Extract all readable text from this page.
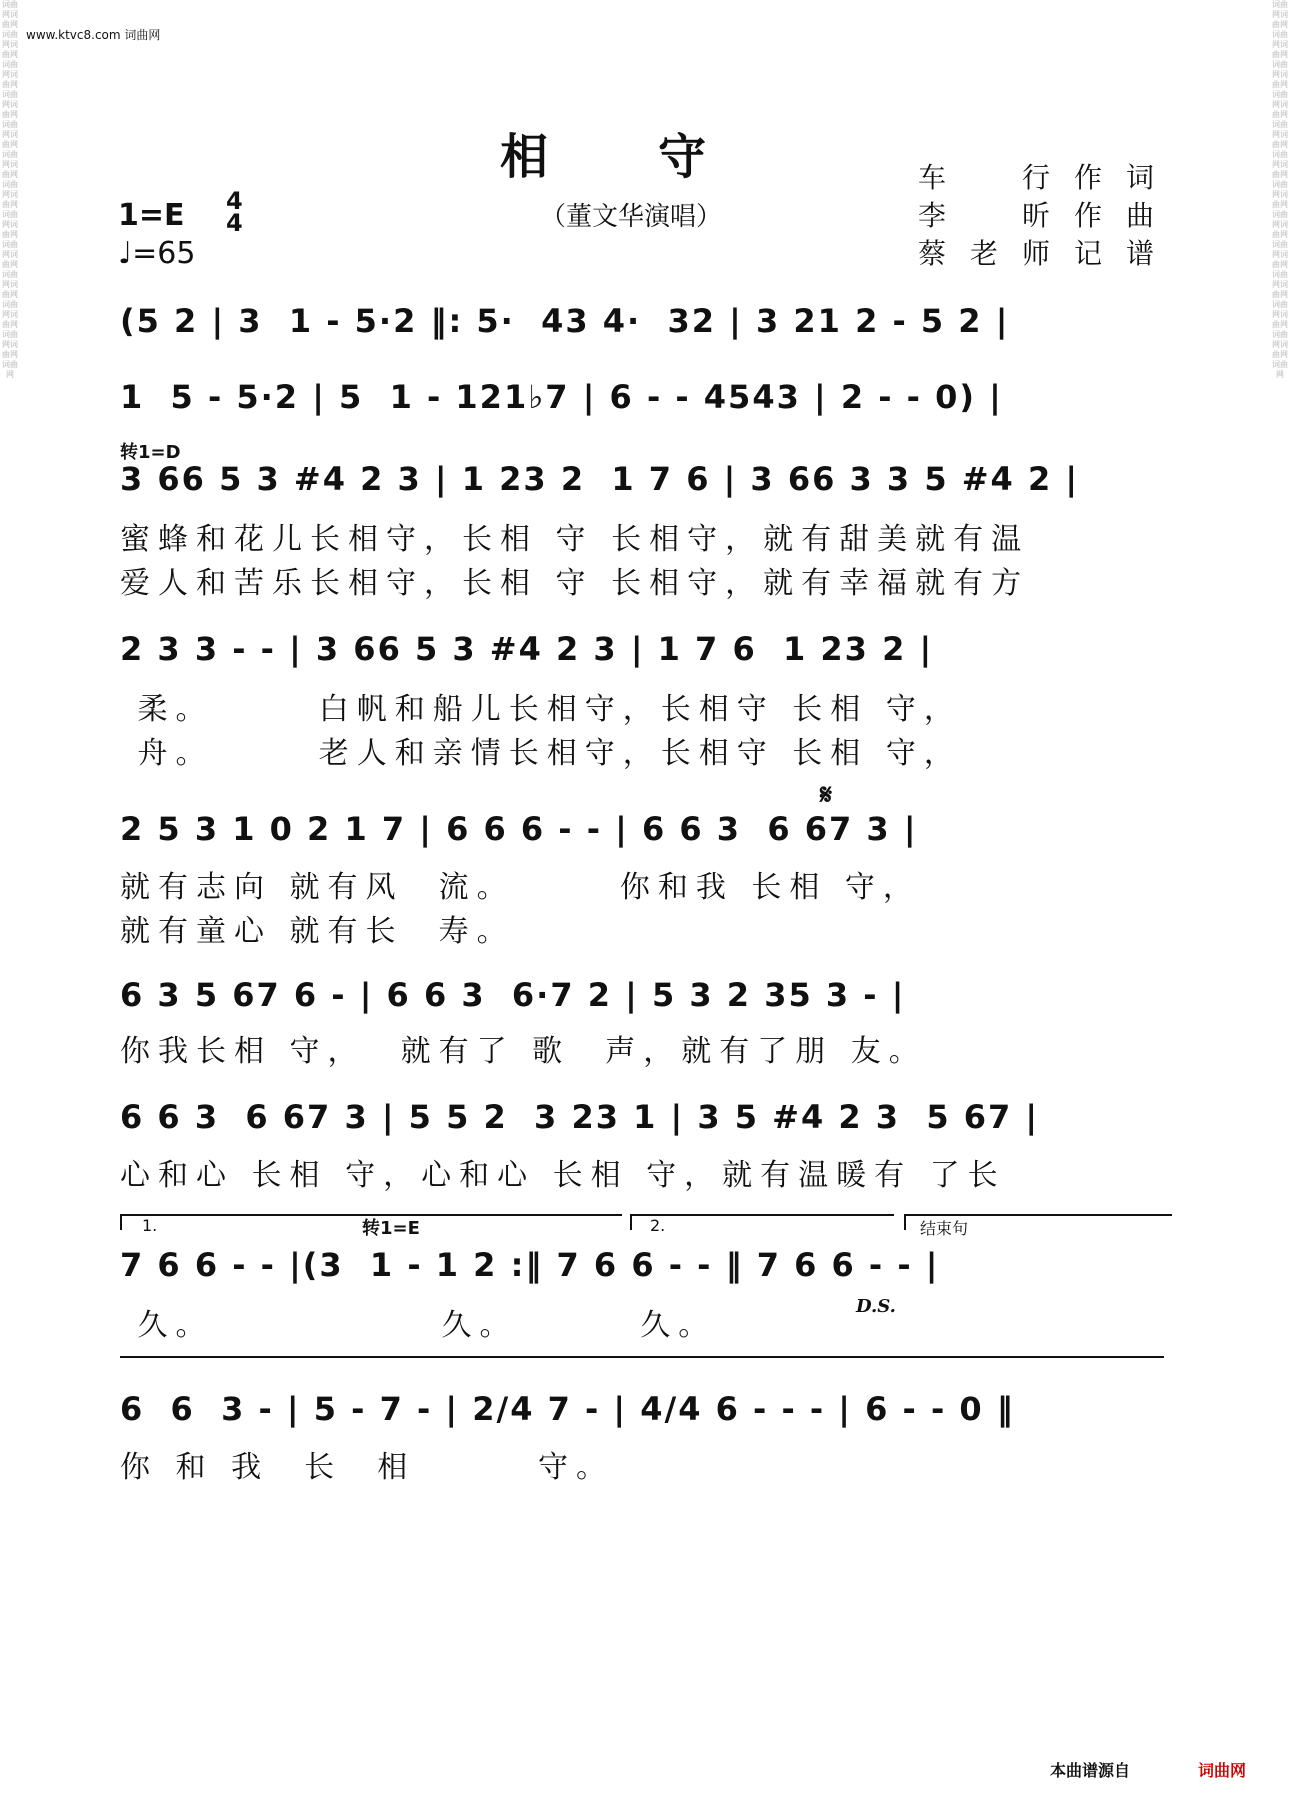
词曲网词曲网词曲网词曲网词曲网词曲网词曲网词曲网词曲网词曲网词曲网词曲网词曲网词曲网词曲网词曲网词曲网词曲网词曲网词曲网词曲网词曲网词曲网词曲网词曲网
词曲网词曲网词曲网词曲网词曲网词曲网词曲网词曲网词曲网词曲网词曲网词曲网词曲网词曲网词曲网词曲网词曲网词曲网词曲网词曲网词曲网词曲网词曲网词曲网词曲网
www.ktvc8.com 词曲网
相守
（董文华演唱）
车　行作词
李　昕作曲
蔡老师记谱
1=E 4
4
♩=65
(5 2 | 3  1 - 5·2 ‖: 5·  43 4·  32 | 3 21 2 - 5 2 |
1  5 - 5·2 | 5  1 - 121♭7 | 6 - - 4543 | 2 - - 0) |
转1=D
3 66 5 3 #4 2 3 | 1 23 2  1 7 6 | 3 66 3 3 5 #4 2 |
蜜蜂和花儿长相守，长相 守 长相守，就有甜美就有温
爱人和苦乐长相守，长相 守 长相守，就有幸福就有方
2 3 3 - - | 3 66 5 3 #4 2 3 | 1 7 6  1 23 2 |
柔。      白帆和船儿长相守，长相守 长相 守，
舟。      老人和亲情长相守，长相守 长相 守，
𝄋
2 5 3 1 0 2 1 7 | 6 6 6 - - | 6 6 3  6 67 3 |
就有志向 就有风  流。      你和我 长相 守，
就有童心 就有长  寿。
6 3 5 67 6 - | 6 6 3  6·7 2 | 5 3 2 35 3 - |
你我长相 守，  就有了 歌  声，就有了朋 友。
6 6 3  6 67 3 | 5 5 2  3 23 1 | 3 5 #4 2 3  5 67 |
心和心 长相 守，心和心 长相 守，就有温暖有 了长
1.	转1=E	2.	结束句
7 6 6 - - |(3  1 - 1 2 :‖ 7 6 6 - - ‖ 7 6 6 - - |
D.S.
久。             久。       久。
6  6  3 - | 5 - 7 - | 2/4 7 - | 4/4 6 - - - | 6 - - 0 ‖
你 和 我  长  相       守。
本曲谱源自	词曲网
